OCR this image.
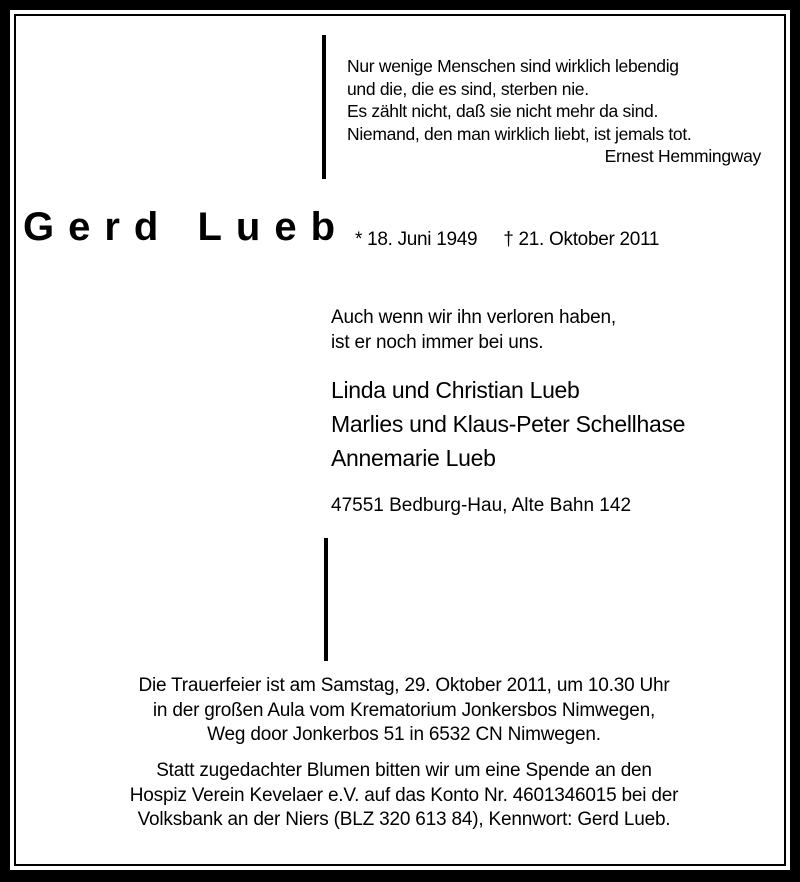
Nur wenige Menschen sind wirklich lebendig
und die, die es sind, sterben nie.
Es zählt nicht, daß sie nicht mehr da sind.
Niemand, den man wirklich liebt, ist jemals tot.
Ernest Hemmingway
Gerd Lueb * 18. Juni 1949 † 21. Oktober 2011
Auch wenn wir ihn verloren haben,
ist er noch immer bei uns.
Linda und Christian Lueb
Marlies und Klaus-Peter Schellhase
Annemarie Lueb
47551 Bedburg-Hau, Alte Bahn 142
Die Trauerfeier ist am Samstag, 29. Oktober 2011, um 10.30 Uhr
in der großen Aula vom Krematorium Jonkersbos Nimwegen,
Weg door Jonkerbos 51 in 6532 CN Nimwegen.
Statt zugedachter Blumen bitten wir um eine Spende an den
Hospiz Verein Kevelaer e.V. auf das Konto Nr. 4601346015 bei der
Volksbank an der Niers (BLZ 320 613 84), Kennwort: Gerd Lueb.
